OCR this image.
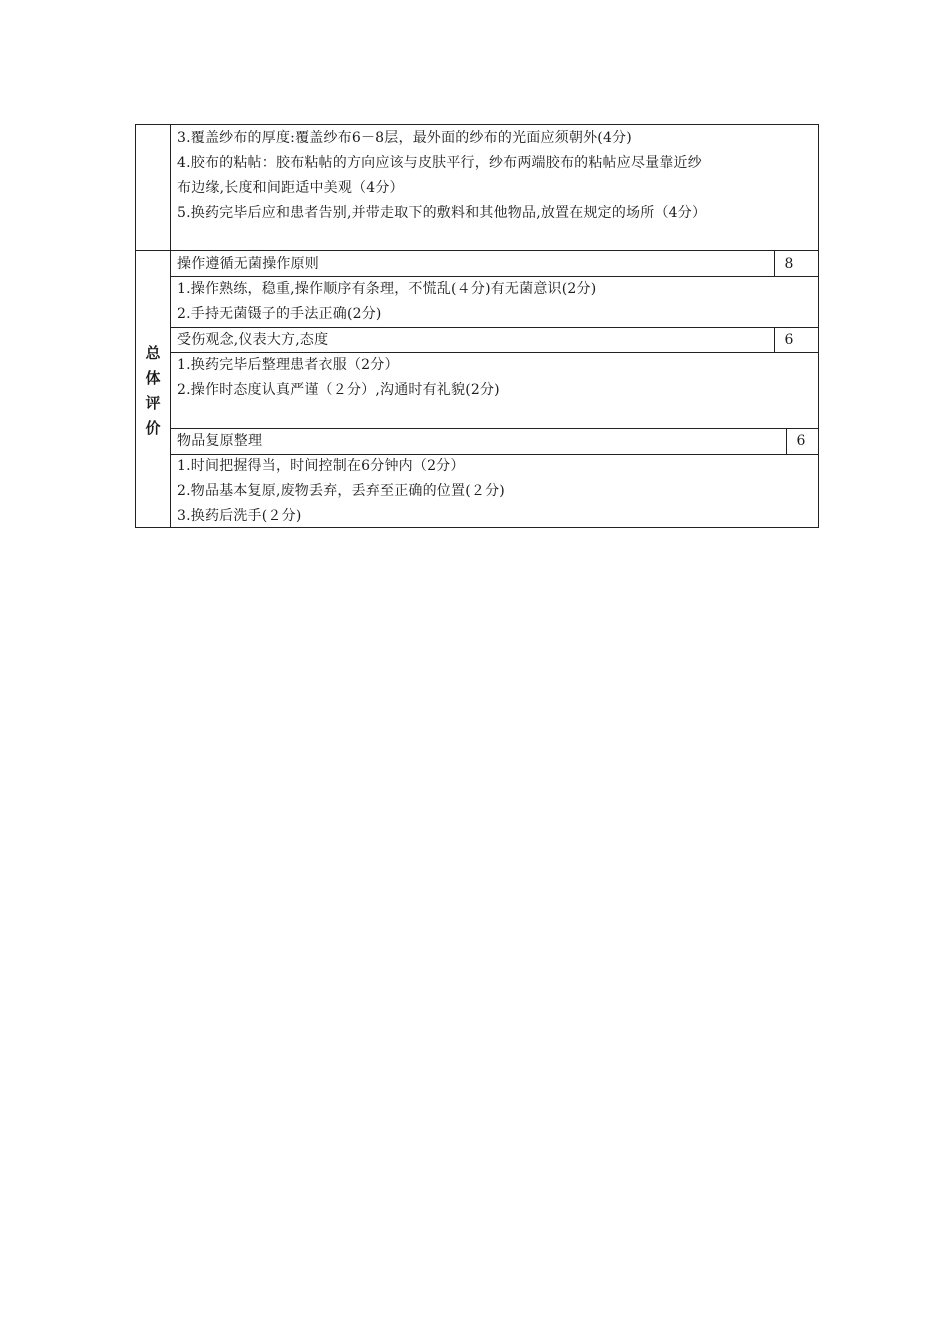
3.覆盖纱布的厚度:覆盖纱布6－8层，最外面的纱布的光面应须朝外(4分)
4.胶布的粘帖：胶布粘帖的方向应该与皮肤平行，纱布两端胶布的粘帖应尽量靠近纱
布边缘,长度和间距适中美观（4分）
5.换药完毕后应和患者告别,并带走取下的敷料和其他物品,放置在规定的场所（4分）
总
体
评
价
操作遵循无菌操作原则	8
1.操作熟练，稳重,操作顺序有条理，不慌乱(４分)有无菌意识(2分)
2.手持无菌镊子的手法正确(2分)
受伤观念,仪表大方,态度	6
1.换药完毕后整理患者衣服（2分）
2.操作时态度认真严谨（２分）,沟通时有礼貌(2分)
物品复原整理	6
1.时间把握得当，时间控制在6分钟内（2分）
2.物品基本复原,废物丢弃，丢弃至正确的位置(２分)
3.换药后洗手(２分)
